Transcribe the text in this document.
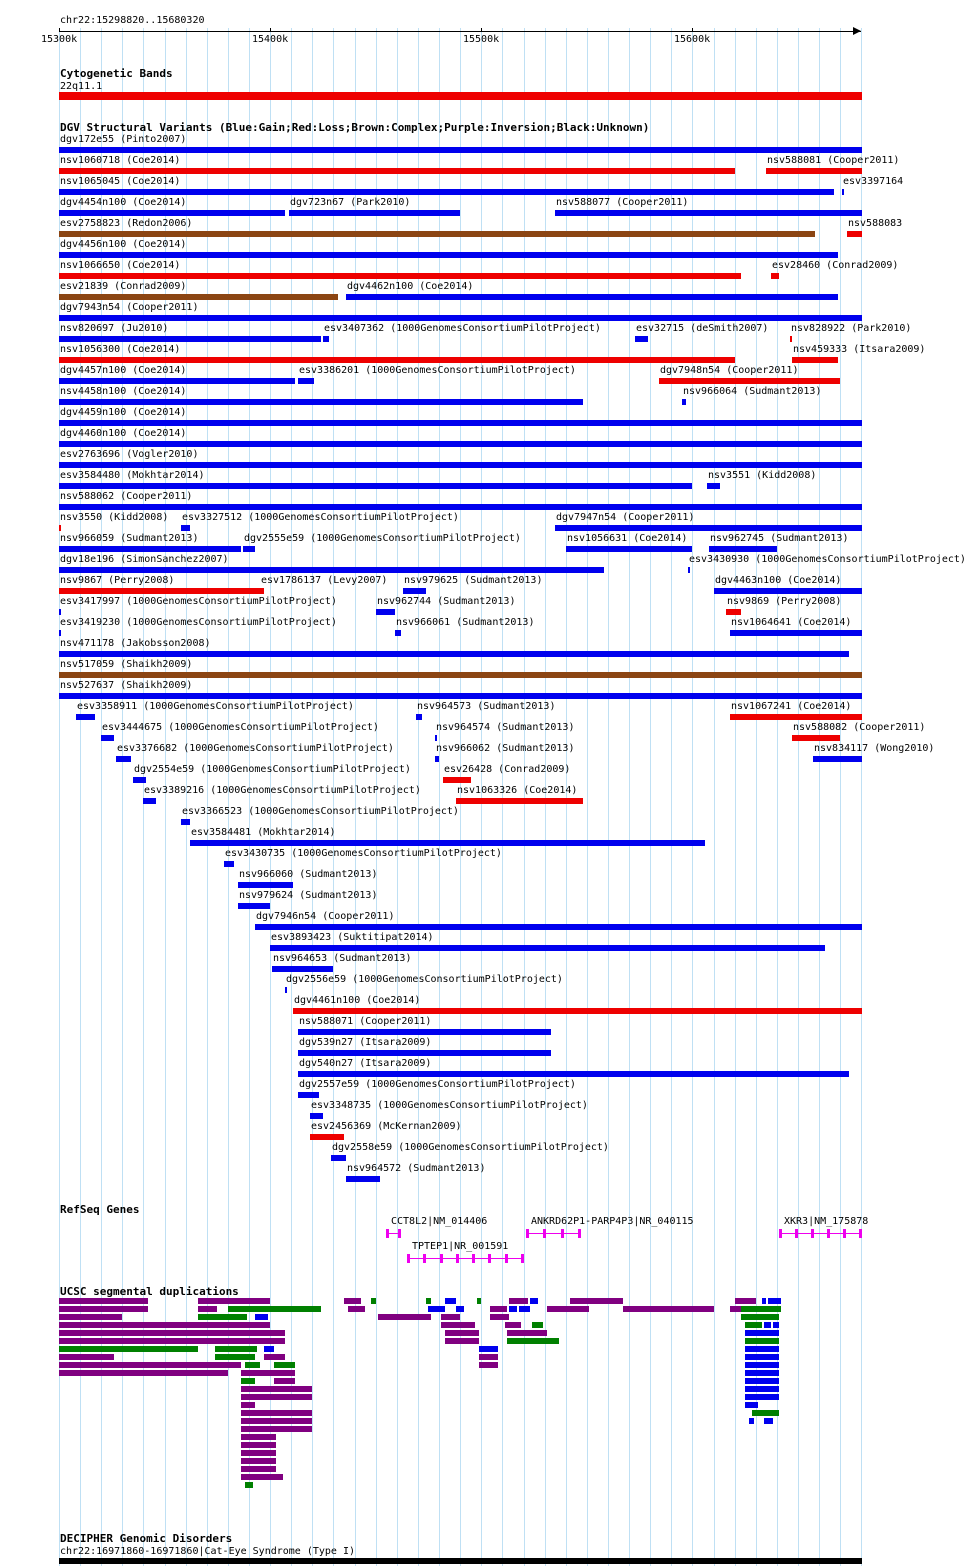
chr22:15298820..15680320
15300k	15400k	15500k	15600k
Cytogenetic Bands
22q11.1
DGV Structural Variants (Blue:Gain;Red:Loss;Brown:Complex;Purple:Inversion;Black:Unknown)
dgv172e55 (Pinto2007)
nsv1060718 (Coe2014)	nsv588081 (Cooper2011)
nsv1065045 (Coe2014)	esv3397164
dgv4454n100 (Coe2014)	dgv723n67 (Park2010)	nsv588077 (Cooper2011)
esv2758823 (Redon2006)	nsv588083
dgv4456n100 (Coe2014)
nsv1066650 (Coe2014)	esv28460 (Conrad2009)
esv21839 (Conrad2009)	dgv4462n100 (Coe2014)
dgv7943n54 (Cooper2011)
nsv820697 (Ju2010)	esv3407362 (1000GenomesConsortiumPilotProject)	esv32715 (deSmith2007) nsv828922 (Park2010)
nsv1056300 (Coe2014)	nsv459333 (Itsara2009)
dgv4457n100 (Coe2014)	esv3386201 (1000GenomesConsortiumPilotProject)	dgv7948n54 (Cooper2011)
nsv4458n100 (Coe2014)	nsv966064 (Sudmant2013)
dgv4459n100 (Coe2014)
dgv4460n100 (Coe2014)
esv2763696 (Vogler2010)
esv3584480 (Mokhtar2014)	nsv3551 (Kidd2008)
nsv588062 (Cooper2011)
nsv3550 (Kidd2008) esv3327512 (1000GenomesConsortiumPilotProject)	dgv7947n54 (Cooper2011)
nsv966059 (Sudmant2013)	dgv2555e59 (1000GenomesConsortiumPilotProject)	nsv1056631 (Coe2014) nsv962745 (Sudmant2013)
dgv18e196 (SimonSanchez2007)	esv3430930 (1000GenomesConsortiumPilotProject)
nsv9867 (Perry2008)	esv1786137 (Levy2007) nsv979625 (Sudmant2013)	dgv4463n100 (Coe2014)
esv3417997 (1000GenomesConsortiumPilotProject)	nsv962744 (Sudmant2013)	nsv9869 (Perry2008)
esv3419230 (1000GenomesConsortiumPilotProject)	nsv966061 (Sudmant2013)	nsv1064641 (Coe2014)
nsv471178 (Jakobsson2008)
nsv517059 (Shaikh2009)
nsv527637 (Shaikh2009)
esv3358911 (1000GenomesConsortiumPilotProject)	nsv964573 (Sudmant2013)	nsv1067241 (Coe2014)
esv3444675 (1000GenomesConsortiumPilotProject)	nsv964574 (Sudmant2013)	nsv588082 (Cooper2011)
esv3376682 (1000GenomesConsortiumPilotProject)	nsv966062 (Sudmant2013)	nsv834117 (Wong2010)
dgv2554e59 (1000GenomesConsortiumPilotProject)	esv26428 (Conrad2009)
esv3389216 (1000GenomesConsortiumPilotProject)	nsv1063326 (Coe2014)
esv3366523 (1000GenomesConsortiumPilotProject)
esv3584481 (Mokhtar2014)
esv3430735 (1000GenomesConsortiumPilotProject)
nsv966060 (Sudmant2013)
nsv979624 (Sudmant2013)
dgv7946n54 (Cooper2011)
esv3893423 (Suktitipat2014)
nsv964653 (Sudmant2013)
dgv2556e59 (1000GenomesConsortiumPilotProject)
dgv4461n100 (Coe2014)
nsv588071 (Cooper2011)
dgv539n27 (Itsara2009)
dgv540n27 (Itsara2009)
dgv2557e59 (1000GenomesConsortiumPilotProject)
esv3348735 (1000GenomesConsortiumPilotProject)
esv2456369 (McKernan2009)
dgv2558e59 (1000GenomesConsortiumPilotProject)
nsv964572 (Sudmant2013)
RefSeq Genes
CCT8L2|NM_014406	ANKRD62P1-PARP4P3|NR_040115	XKR3|NM_175878
TPTEP1|NR_001591
UCSC segmental duplications
DECIPHER Genomic Disorders
chr22:16971860-16971860|Cat-Eye Syndrome (Type I)
